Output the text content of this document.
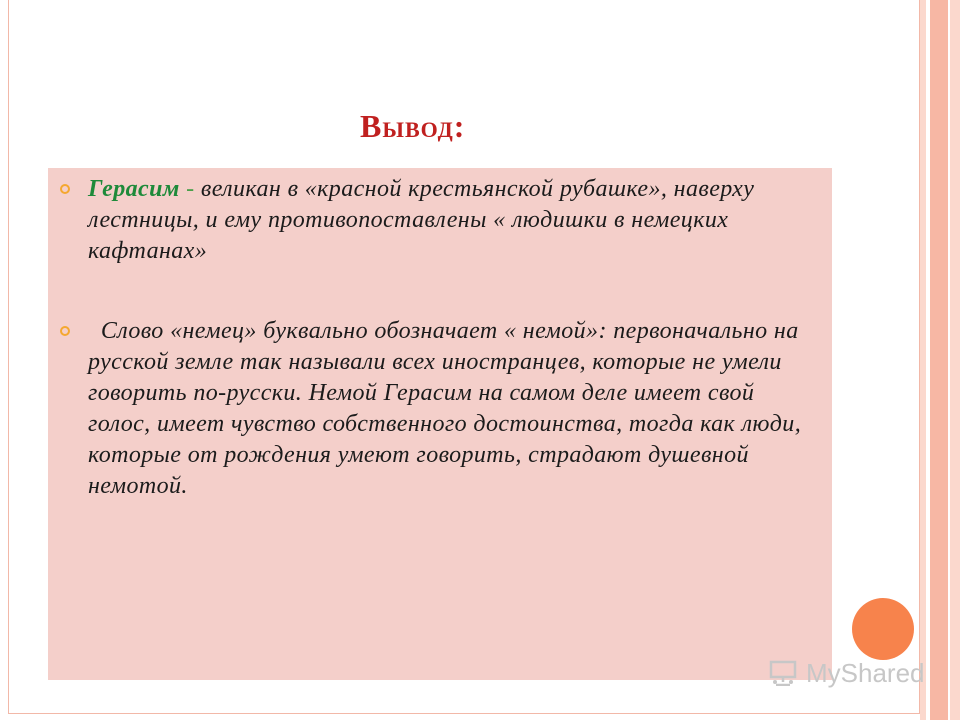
Вывод:
Герасим - великан в «красной крестьянской рубашке», наверху лестницы, и ему противопоставлены « людишки в немецких кафтанах»
Слово «немец» буквально обозначает « немой»: первоначально на русской земле так называли всех иностранцев, которые не умели говорить по-русски. Немой Герасим на самом деле имеет свой голос, имеет чувство собственного достоинства, тогда как люди, которые от рождения умеют говорить, страдают душевной немотой.
MyShared
